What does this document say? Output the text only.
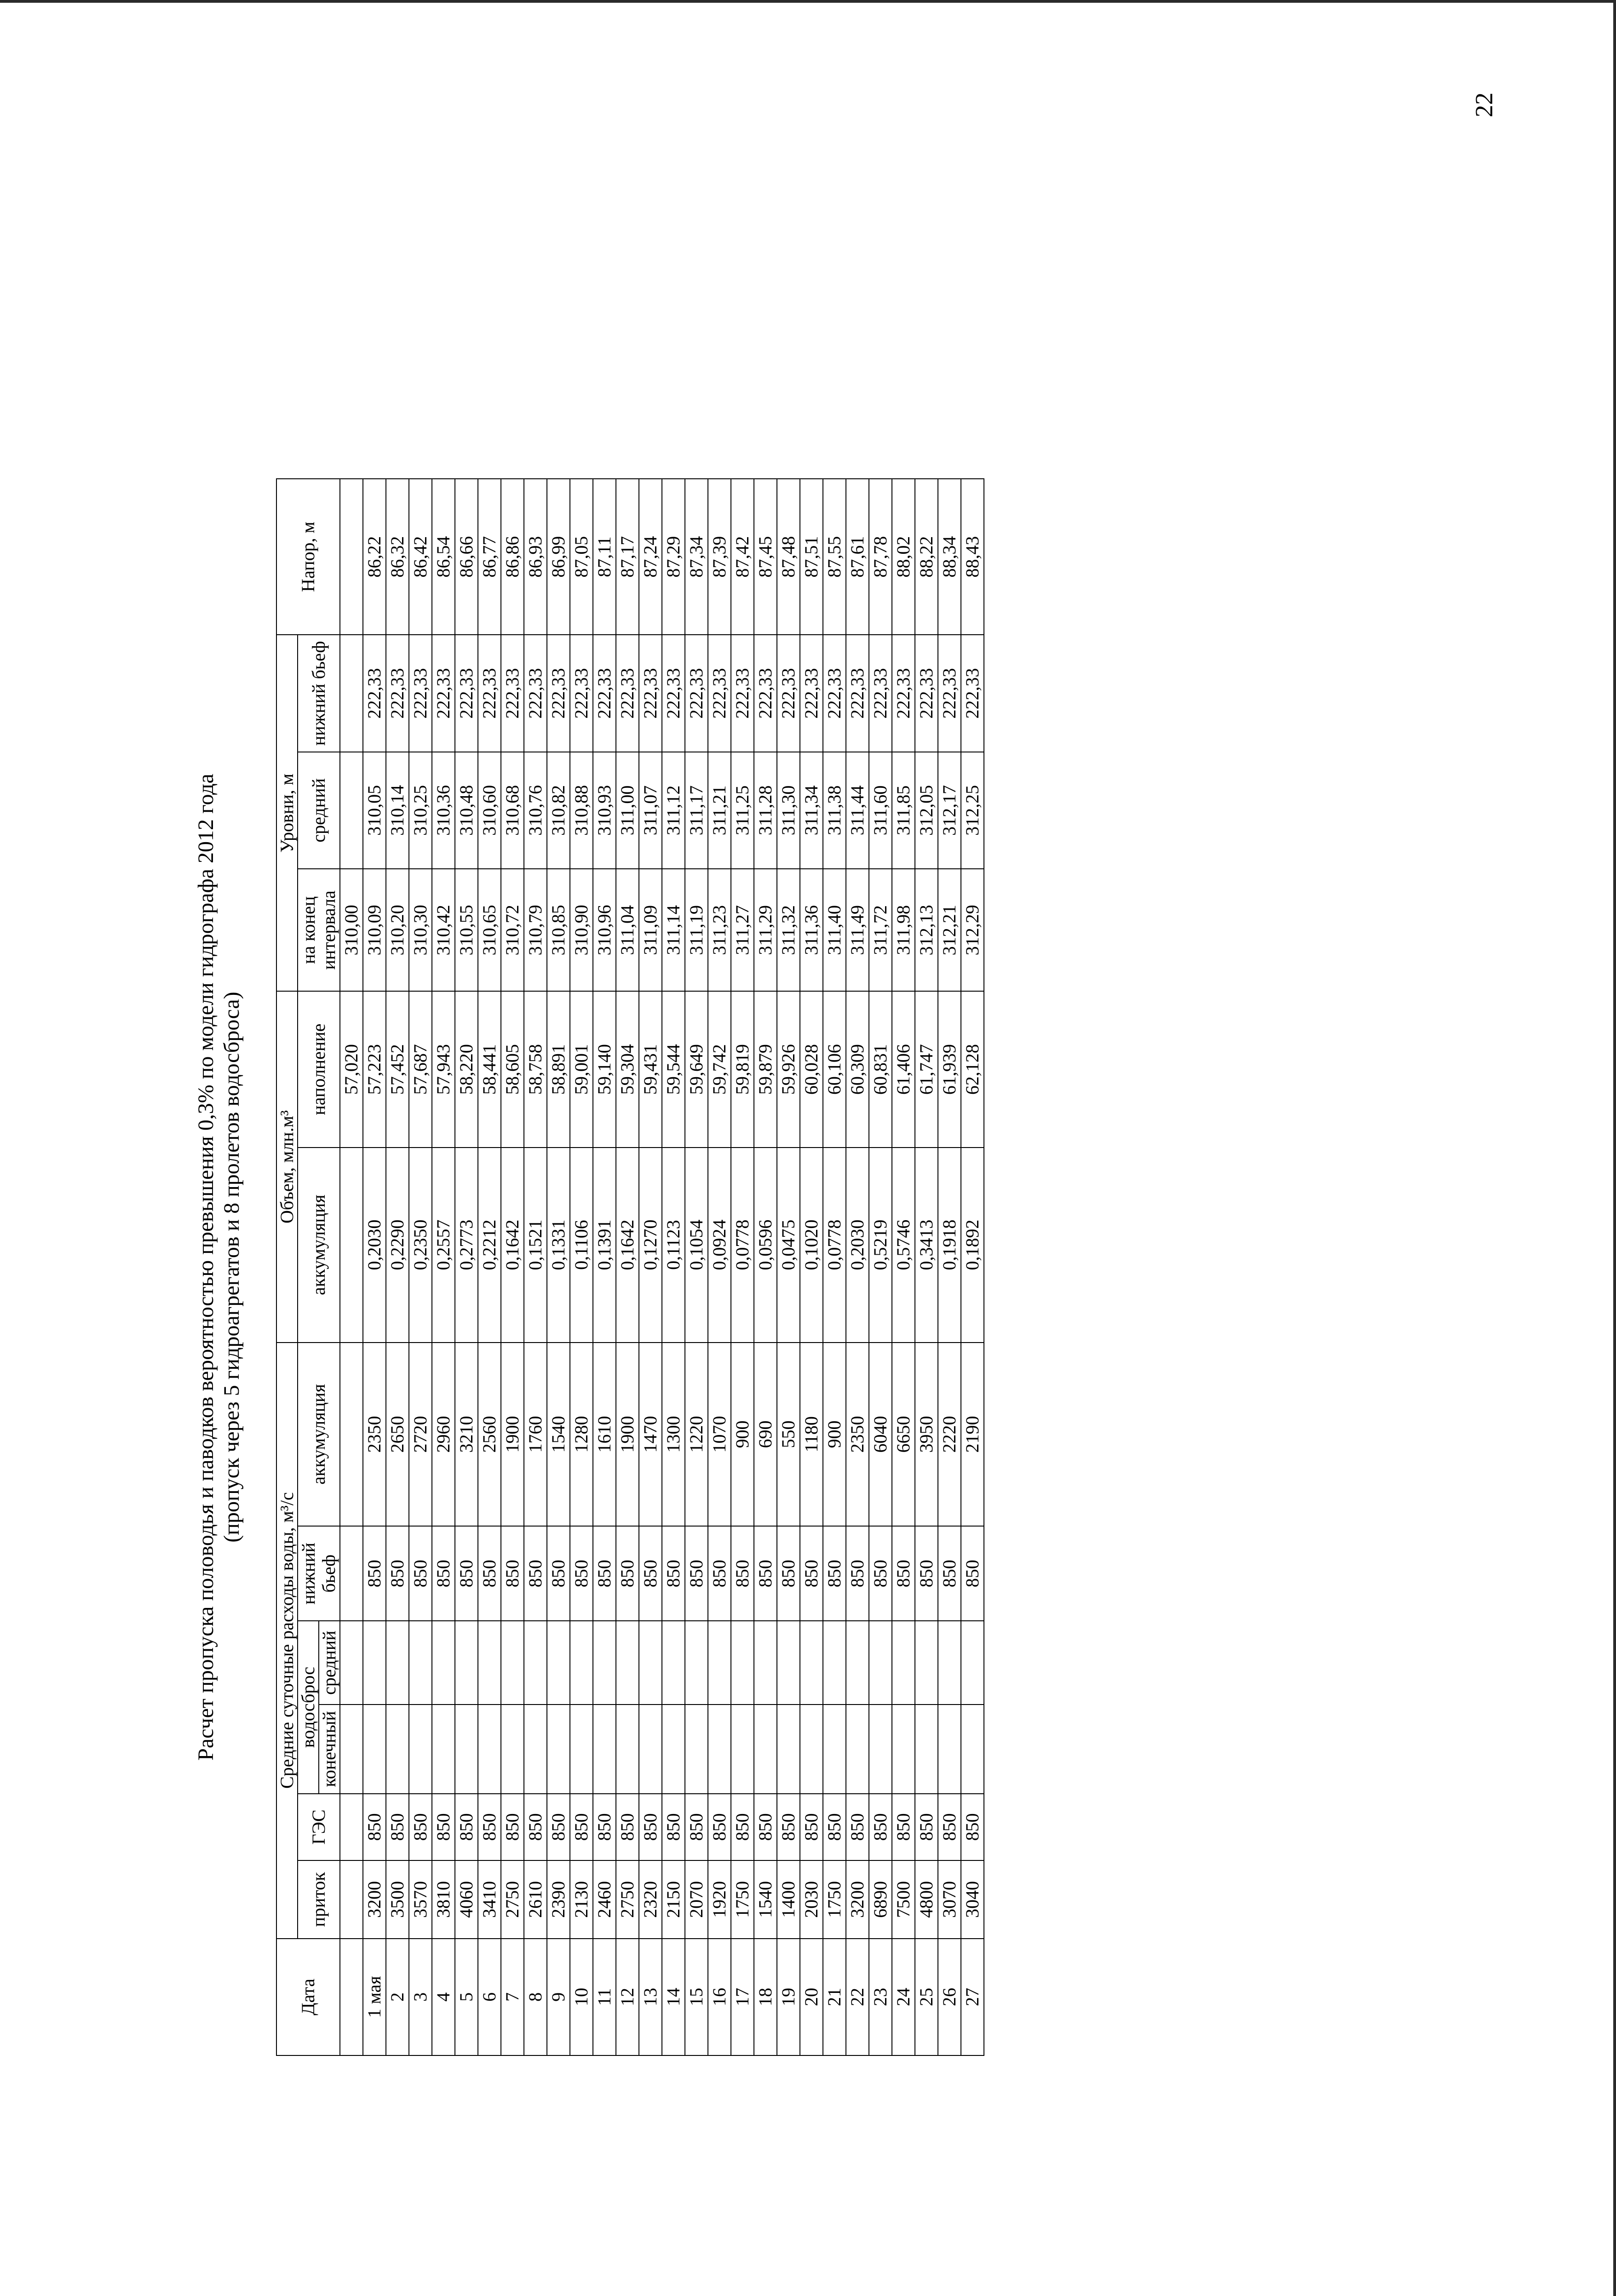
22
Расчет пропуска половодья и паводков вероятностью превышения 0,3% по модели гидрографа 2012 года (пропуск через 5 гидроагрегатов и 8 пролетов водосброса)
Дата	Средние суточные расходы воды, м³/с						Объем, млн.м³		Уровни, м			Напор, м
	приток	ГЭС	водосброс		нижний бьеф	аккумуляция	аккумуляция	наполнение	на конец интервала	средний	нижний бьеф	
			конечный	средний								
								57,020	310,00			
1 мая	3200	850			850	2350	0,2030	57,223	310,09	310,05	222,33	86,22
2	3500	850			850	2650	0,2290	57,452	310,20	310,14	222,33	86,32
3	3570	850			850	2720	0,2350	57,687	310,30	310,25	222,33	86,42
4	3810	850			850	2960	0,2557	57,943	310,42	310,36	222,33	86,54
5	4060	850			850	3210	0,2773	58,220	310,55	310,48	222,33	86,66
6	3410	850			850	2560	0,2212	58,441	310,65	310,60	222,33	86,77
7	2750	850			850	1900	0,1642	58,605	310,72	310,68	222,33	86,86
8	2610	850			850	1760	0,1521	58,758	310,79	310,76	222,33	86,93
9	2390	850			850	1540	0,1331	58,891	310,85	310,82	222,33	86,99
10	2130	850			850	1280	0,1106	59,001	310,90	310,88	222,33	87,05
11	2460	850			850	1610	0,1391	59,140	310,96	310,93	222,33	87,11
12	2750	850			850	1900	0,1642	59,304	311,04	311,00	222,33	87,17
13	2320	850			850	1470	0,1270	59,431	311,09	311,07	222,33	87,24
14	2150	850			850	1300	0,1123	59,544	311,14	311,12	222,33	87,29
15	2070	850			850	1220	0,1054	59,649	311,19	311,17	222,33	87,34
16	1920	850			850	1070	0,0924	59,742	311,23	311,21	222,33	87,39
17	1750	850			850	900	0,0778	59,819	311,27	311,25	222,33	87,42
18	1540	850			850	690	0,0596	59,879	311,29	311,28	222,33	87,45
19	1400	850			850	550	0,0475	59,926	311,32	311,30	222,33	87,48
20	2030	850			850	1180	0,1020	60,028	311,36	311,34	222,33	87,51
21	1750	850			850	900	0,0778	60,106	311,40	311,38	222,33	87,55
22	3200	850			850	2350	0,2030	60,309	311,49	311,44	222,33	87,61
23	6890	850			850	6040	0,5219	60,831	311,72	311,60	222,33	87,78
24	7500	850			850	6650	0,5746	61,406	311,98	311,85	222,33	88,02
25	4800	850			850	3950	0,3413	61,747	312,13	312,05	222,33	88,22
26	3070	850			850	2220	0,1918	61,939	312,21	312,17	222,33	88,34
27	3040	850			850	2190	0,1892	62,128	312,29	312,25	222,33	88,43
